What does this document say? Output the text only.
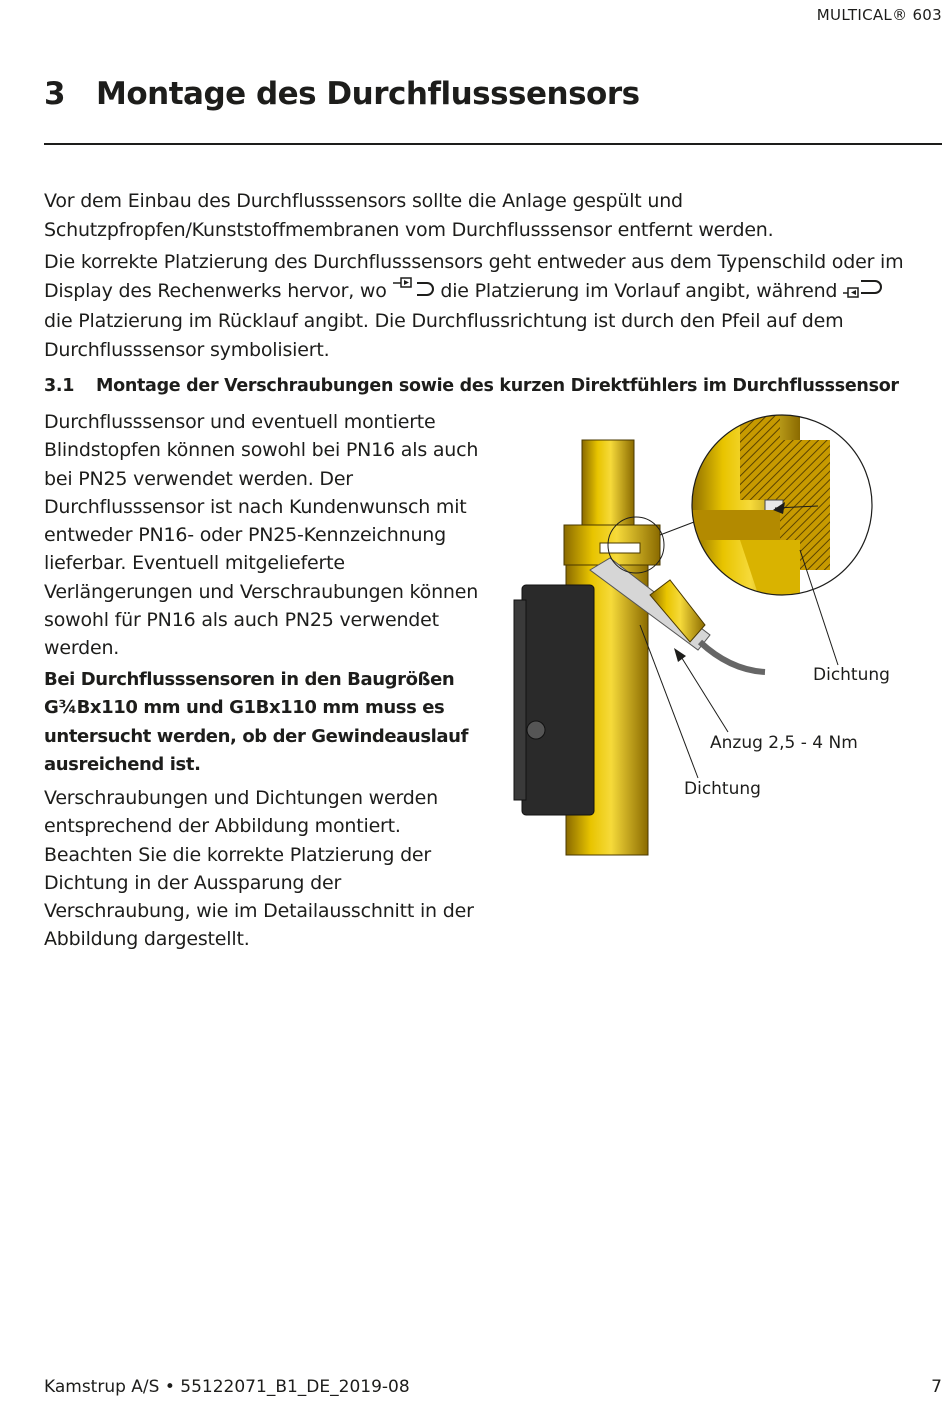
MULTICAL® 603
3 Montage des Durchflusssensors
Vor dem Einbau des Durchflusssensors sollte die Anlage gespült und Schutzpfropfen/Kunststoffmembranen vom Durchflusssensor entfernt werden.
Die korrekte Platzierung des Durchflusssensors geht entweder aus dem Typenschild oder im Display des Rechenwerks hervor, wo  die Platzierung im Vorlauf angibt, während  die Platzierung im Rücklauf angibt. Die Durchflussrichtung ist durch den Pfeil auf dem Durchflusssensor symbolisiert.
3.1	Montage der Verschraubungen sowie des kurzen Direktfühlers im Durchflusssensor
Durchflusssensor und eventuell montierte Blindstopfen können sowohl bei PN16 als auch bei PN25 verwendet werden. Der Durchflusssensor ist nach Kundenwunsch mit entweder PN16- oder PN25-Kennzeichnung lieferbar. Eventuell mitgelieferte Verlängerungen und Verschraubungen können sowohl für PN16 als auch PN25 verwendet werden.
Bei Durchflusssensoren in den Baugrößen G¾Bx110 mm und G1Bx110 mm muss es untersucht werden, ob der Gewindeauslauf ausreichend ist.
Verschraubungen und Dichtungen werden entsprechend der Abbildung montiert. Beachten Sie die korrekte Platzierung der Dichtung in der Aussparung der Verschraubung, wie im Detailausschnitt in der Abbildung dargestellt.
Dichtung
Anzug 2,5 - 4 Nm
Dichtung
Kamstrup A/S • 55122071_B1_DE_2019-08	7
